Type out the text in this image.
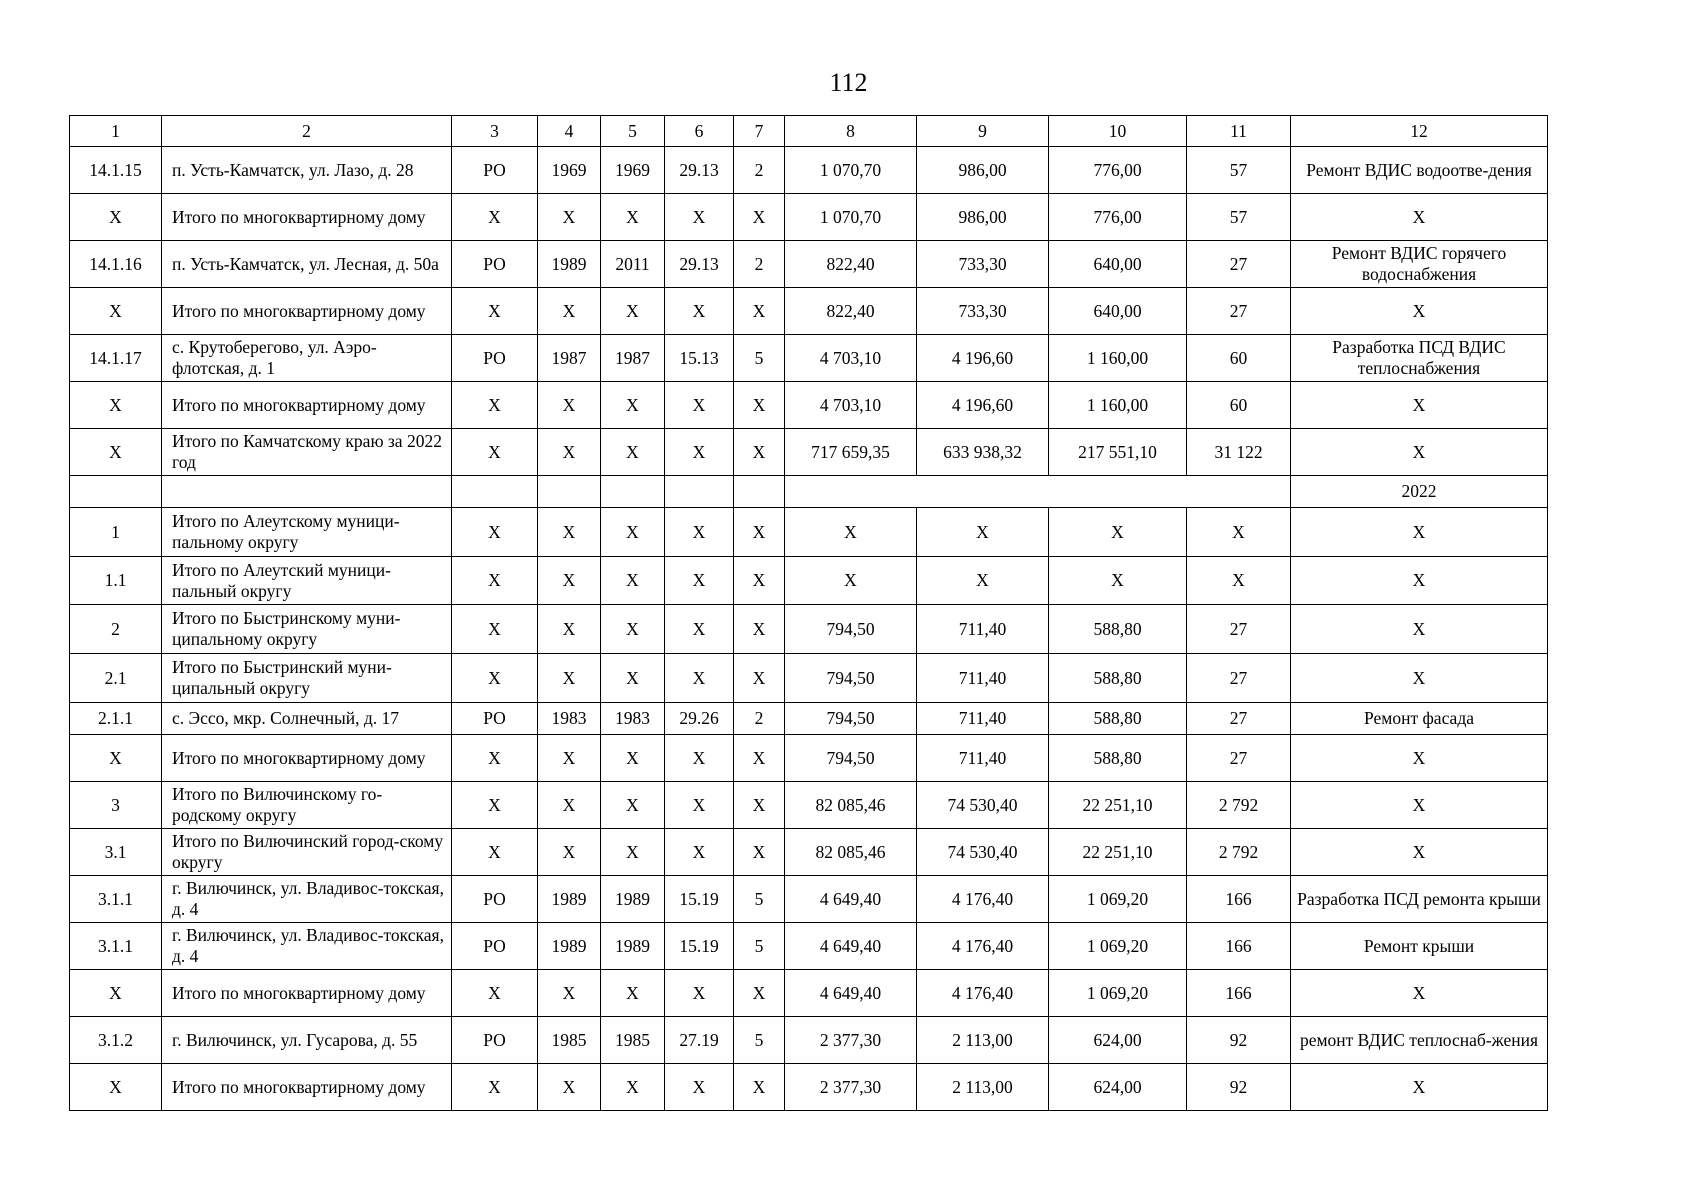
112
1	2	3	4	5	6	7	8	9	10	11	12
14.1.15	п. Усть-Камчатск, ул. Лазо, д. 28	РО	1969	1969	29.13	2	1 070,70	986,00	776,00	57	Ремонт ВДИС водоотве-дения
X	Итого по многоквартирному дому	X	X	X	X	X	1 070,70	986,00	776,00	57	X
14.1.16	п. Усть-Камчатск, ул. Лесная, д. 50а	РО	1989	2011	29.13	2	822,40	733,30	640,00	27	Ремонт ВДИС горячего водоснабжения
X	Итого по многоквартирному дому	X	X	X	X	X	822,40	733,30	640,00	27	X
14.1.17	с. Крутоберегово, ул. Аэро-флотская, д. 1	РО	1987	1987	15.13	5	4 703,10	4 196,60	1 160,00	60	Разработка ПСД ВДИС теплоснабжения
X	Итого по многоквартирному дому	X	X	X	X	X	4 703,10	4 196,60	1 160,00	60	X
X	Итого по Камчатскому краю за 2022 год	X	X	X	X	X	717 659,35	633 938,32	217 551,10	31 122	X
											2022
1	Итого по Алеутскому муници-пальному округу	X	X	X	X	X	X	X	X	X	X
1.1	Итого по Алеутский муници-пальный округу	X	X	X	X	X	X	X	X	X	X
2	Итого по Быстринскому муни-ципальному округу	X	X	X	X	X	794,50	711,40	588,80	27	X
2.1	Итого по Быстринский муни-ципальный округу	X	X	X	X	X	794,50	711,40	588,80	27	X
2.1.1	с. Эссо, мкр. Солнечный, д. 17	РО	1983	1983	29.26	2	794,50	711,40	588,80	27	Ремонт фасада
X	Итого по многоквартирному дому	X	X	X	X	X	794,50	711,40	588,80	27	X
3	Итого по Вилючинскому го-родскому округу	X	X	X	X	X	82 085,46	74 530,40	22 251,10	2 792	X
3.1	Итого по Вилючинский город-скому округу	X	X	X	X	X	82 085,46	74 530,40	22 251,10	2 792	X
3.1.1	г. Вилючинск, ул. Владивос-токская, д. 4	РО	1989	1989	15.19	5	4 649,40	4 176,40	1 069,20	166	Разработка ПСД ремонта крыши
3.1.1	г. Вилючинск, ул. Владивос-токская, д. 4	РО	1989	1989	15.19	5	4 649,40	4 176,40	1 069,20	166	Ремонт крыши
X	Итого по многоквартирному дому	X	X	X	X	X	4 649,40	4 176,40	1 069,20	166	X
3.1.2	г. Вилючинск, ул. Гусарова, д. 55	РО	1985	1985	27.19	5	2 377,30	2 113,00	624,00	92	ремонт ВДИС теплоснаб-жения
X	Итого по многоквартирному дому	X	X	X	X	X	2 377,30	2 113,00	624,00	92	X
